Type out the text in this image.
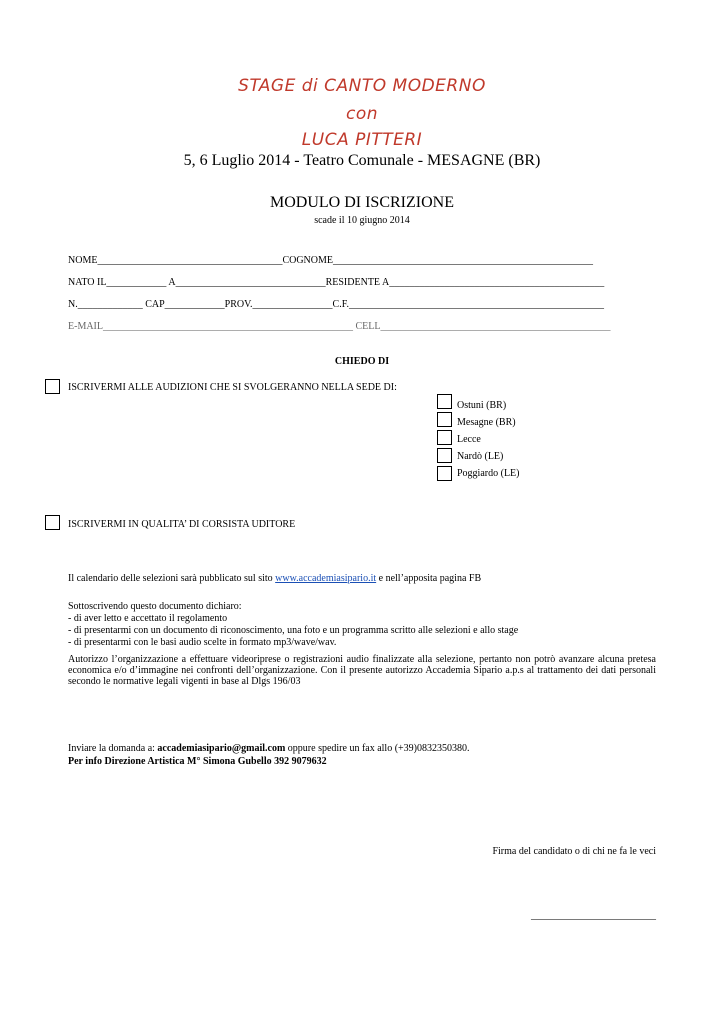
STAGE di CANTO MODERNO
con
LUCA PITTERI
5, 6 Luglio 2014 - Teatro Comunale - MESAGNE (BR)
MODULO DI ISCRIZIONE
scade il 10 giugno 2014
NOME_____________________________________COGNOME____________________________________________________
NATO IL____________ A______________________________RESIDENTE A___________________________________________
N._____________ CAP____________PROV.________________C.F.___________________________________________________
E-MAIL__________________________________________________ CELL______________________________________________
CHIEDO DI
ISCRIVERMI ALLE AUDIZIONI CHE SI SVOLGERANNO NELLA SEDE DI:
Ostuni (BR)
Mesagne (BR)
Lecce
Nardò (LE)
Poggiardo (LE)
ISCRIVERMI IN QUALITA’ DI CORSISTA UDITORE
Il calendario delle selezioni sarà pubblicato sul sito www.accademiasipario.it e nell’apposita pagina FB
Sottoscrivendo questo documento dichiaro:
- di aver letto e accettato il regolamento
- di presentarmi con un documento di riconoscimento, una foto e un programma scritto alle selezioni e allo stage
- di presentarmi con le basi audio scelte in formato mp3/wave/wav.
Autorizzo l’organizzazione a effettuare videoriprese o registrazioni audio finalizzate alla selezione, pertanto non potrò avanzare alcuna pretesa economica e/o d’immagine nei confronti dell’organizzazione. Con il presente autorizzo Accademia Sipario a.p.s al trattamento dei dati personali secondo le normative legali vigenti in base al Dlgs 196/03
Inviare la domanda a: accademiasipario@gmail.com oppure spedire un fax allo (+39)0832350380.
Per info Direzione Artistica M° Simona Gubello 392 9079632
Firma del candidato o di chi ne fa le veci
_________________________
